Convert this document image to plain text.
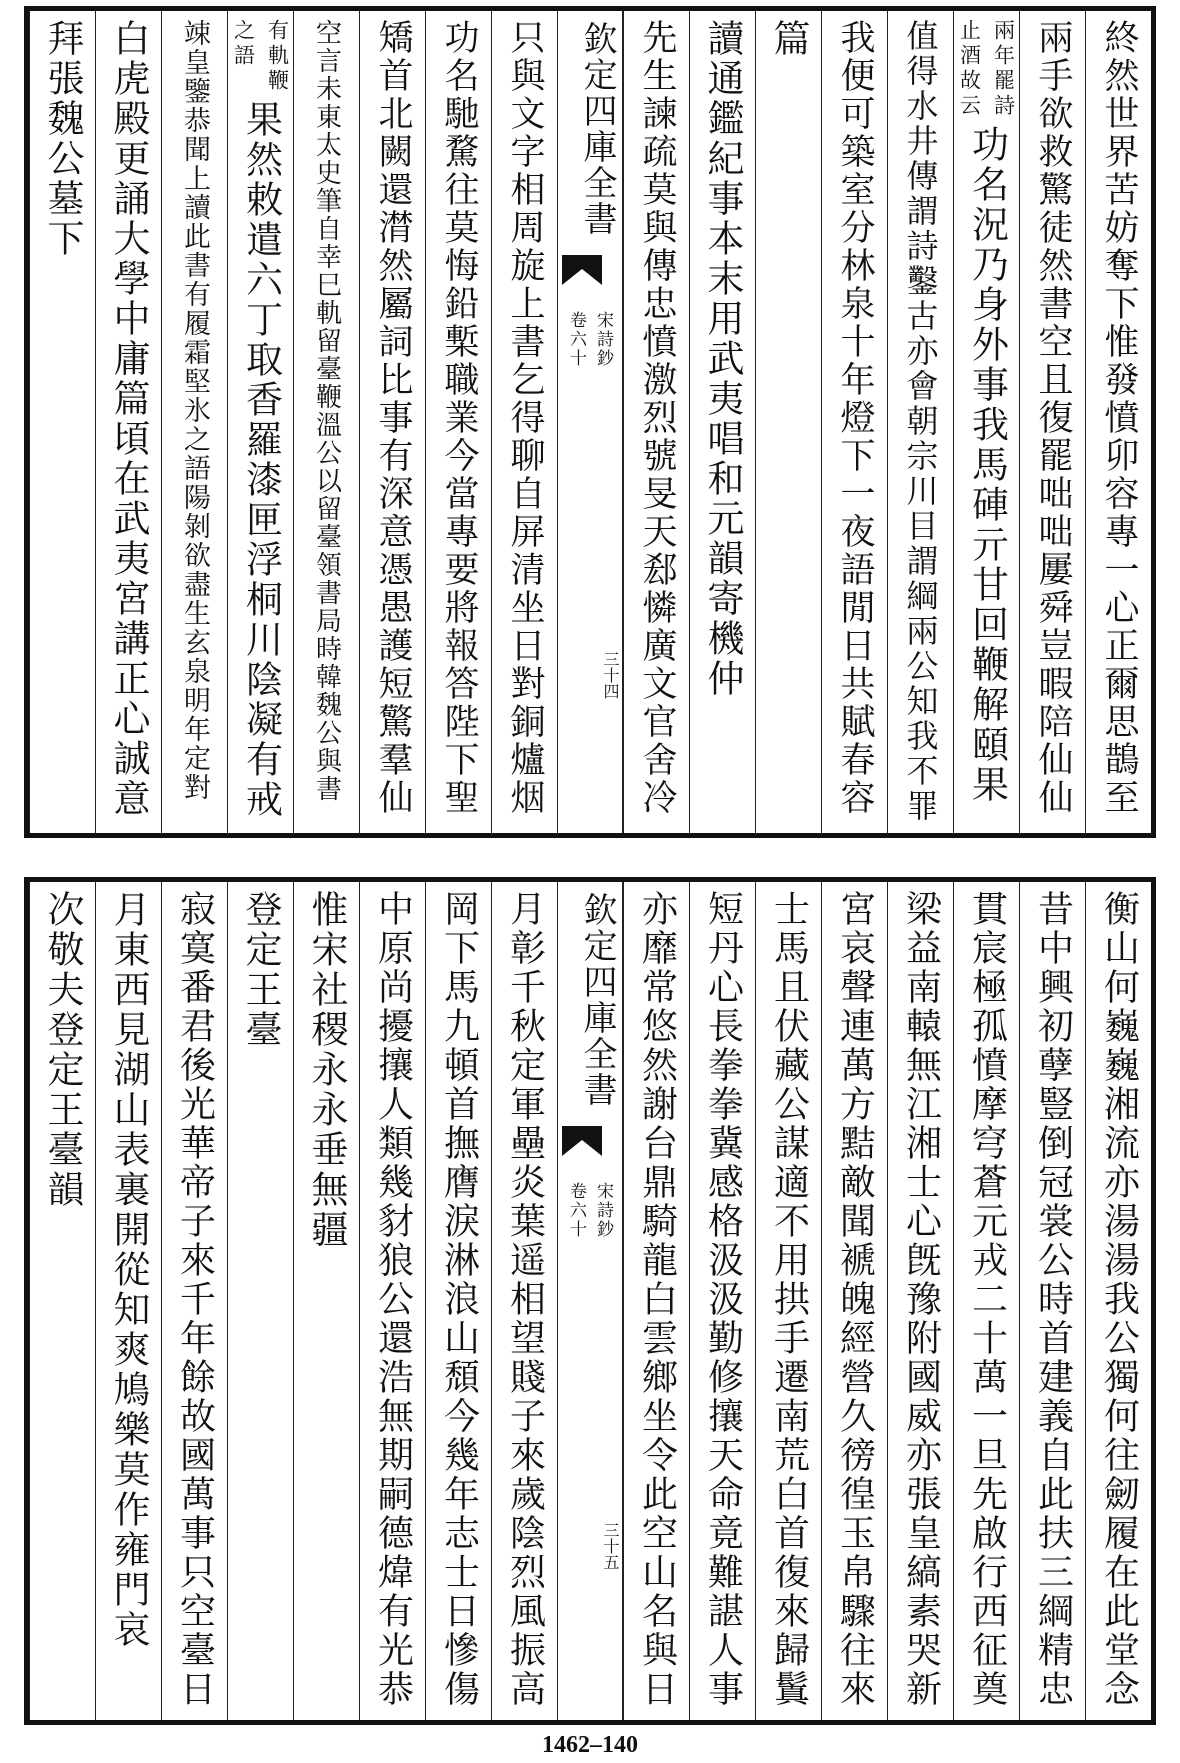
終然世界苦妨奪下惟發憤卯容專一心正爾思鵲至
兩手欲救驚徒然書空且復罷咄咄屢舜豈暇陪仙仙
兩年罷詩
止酒故云
功名況乃身外事我馬硨亓甘回鞭解頤果
值得水井傳謂詩鑿古亦會朝宗川目謂綱兩公知我不罪
我便可築室分林泉十年燈下一夜語閒日共賦春容
篇
讀通鑑紀事本末用武夷唱和元韻寄機仲
先生諫疏莫與傳忠憤激烈號旻天郄憐廣文官舍冷
欽定四庫全書
宋詩鈔
卷六十
三十四
只與文字相周旋上書乞得聊自屏清坐日對銅爐烟
功名馳騖往莫悔鉛槧職業今當專要將報答陛下聖
矯首北闕還潸然屬詞比事有深意憑愚護短驚羣仙
空言未東太史筆自幸巳軌留臺鞭溫公以留臺領書局時韓魏公與書
有軌鞭
之語
果然敕遣六丁取香羅漆匣浮桐川陰凝有戒
竦皇鑒恭聞上讀此書有履霜堅氷之語陽剝欲盡生玄泉明年定對
白虎殿更誦大學中庸篇頃在武夷宮講正心誠意
拜張魏公墓下
衡山何巍巍湘流亦湯湯我公獨何往劒履在此堂念
昔中興初孽豎倒冠裳公時首建義自此扶三綱精忠
貫宸極孤憤摩穹蒼元戎二十萬一旦先啟行西征奠
梁益南轅無江湘士心旣豫附國威亦張皇縞素哭新
宮哀聲連萬方黠敵聞褫魄經營久徬徨玉帛驟往來
士馬且伏藏公謀適不用拱手遷南荒白首復來歸鬒
短丹心長拳拳冀感格汲汲勤修攘天命竟難諶人事
亦靡常悠然謝台鼎騎龍白雲鄉坐令此空山名與日
欽定四庫全書
宋詩鈔
卷六十
三十五
月彰千秋定軍壘炎葉遥相望賤子來歲陰烈風振高
岡下馬九頓首撫膺淚淋浪山頹今幾年志士日慘傷
中原尚擾攘人類幾豺狼公還浩無期嗣德煒有光恭
惟宋社稷永永垂無疆
登定王臺
寂寞番君後光華帝子來千年餘故國萬事只空臺日
月東西見湖山表裏開從知爽鳩樂莫作雍門哀
次敬夫登定王臺韻
1462–140
